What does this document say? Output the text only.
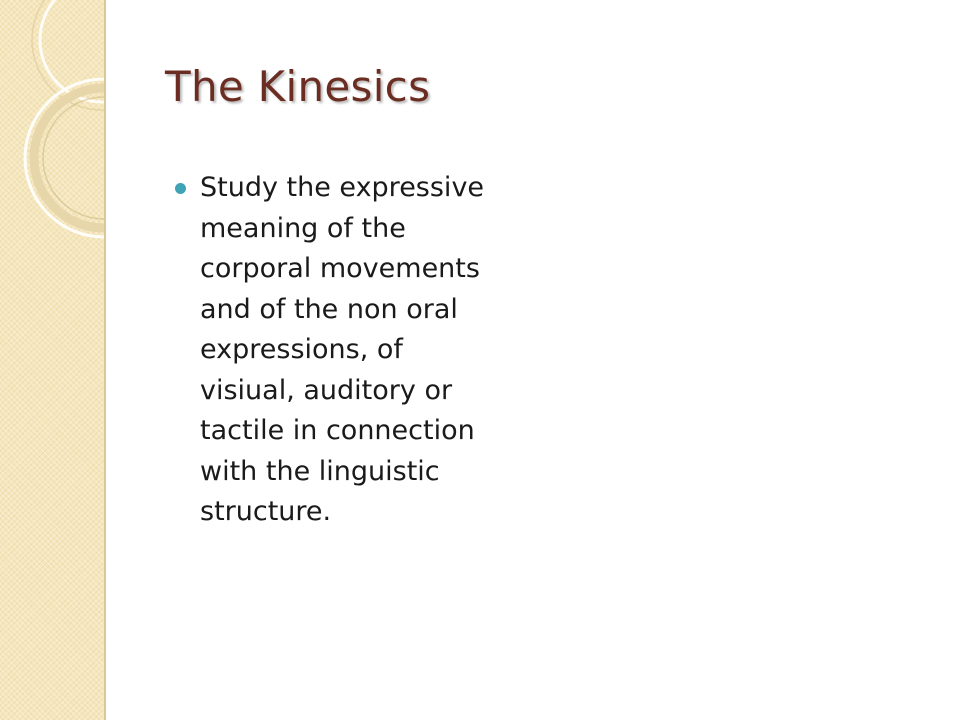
The Kinesics
Study the expressive
meaning of the
corporal movements
and of the non oral
expressions, of
visiual, auditory or
tactile in connection
with the linguistic
structure.
